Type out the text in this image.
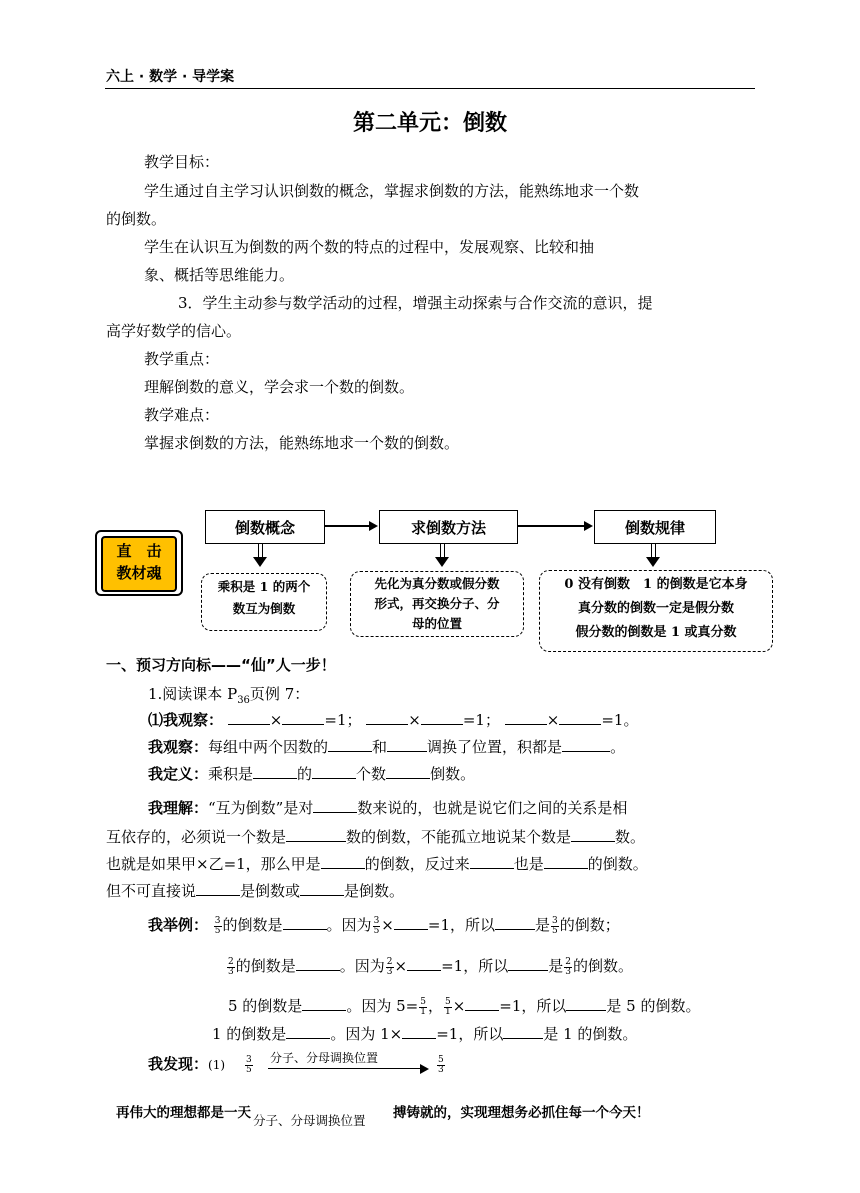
六上 · 数学 · 导学案
第二单元：倒数
教学目标：
学生通过自主学习认识倒数的概念，掌握求倒数的方法，能熟练地求一个数
的倒数。
学生在认识互为倒数的两个数的特点的过程中，发展观察、比较和抽
象、概括等思维能力。
3．学生主动参与数学活动的过程，增强主动探索与合作交流的意识，提
高学好数学的信心。
教学重点：
理解倒数的意义，学会求一个数的倒数。
教学难点：
掌握求倒数的方法，能熟练地求一个数的倒数。
直　击
教材魂
倒数概念	求倒数方法	倒数规律
乘积是 1 的两个
数互为倒数
先化为真分数或假分数
形式，再交换分子、分
母的位置
0 没有倒数　1 的倒数是它本身
真分数的倒数一定是假分数
假分数的倒数是 1 或真分数
一、预习方向标——“仙”人一步！
1.阅读课本 $P_{36}$页例 7：
⑴我观察：	×	=1；	×	=1；	×	=1。
我观察：每组中两个因数的	和	调换了位置，积都是	。
我定义：乘积是	的	个数	倒数。
我理解：“互为倒数”是对	数来说的，也就是说它们之间的关系是相
互依存的，必须说一个数是	数的倒数，不能孤立地说某个数是	数。
也就是如果甲×乙=1，那么甲是	的倒数，反过来	也是	的倒数。
但不可直接说	是倒数或	是倒数。
我举例： $\frac{3}{5}$ 的倒数是	。因为 $\frac{3}{5} \times =1$，所以	是 $\frac{3}{5}$ 的倒数；
$\frac{2}{3}$ 的倒数是	。因为 $\frac{2}{3} \times =1$，所以	是 $\frac{2}{3}$ 的倒数。
5 的倒数是	。因为 $5= \frac{5}{1}$ ， $\frac{5}{1} \times =1$，所以	是 5 的倒数。
1 的倒数是	。因为 1× =1，所以	是 1 的倒数。
我发现：$(1) \frac{3}{5}$ 分子、分母调换位置	$\frac{5}{3}$
再伟大的理想都是一天 分子、分母调换位置 搏铸就的，实现理想务必抓住每一个今天！
